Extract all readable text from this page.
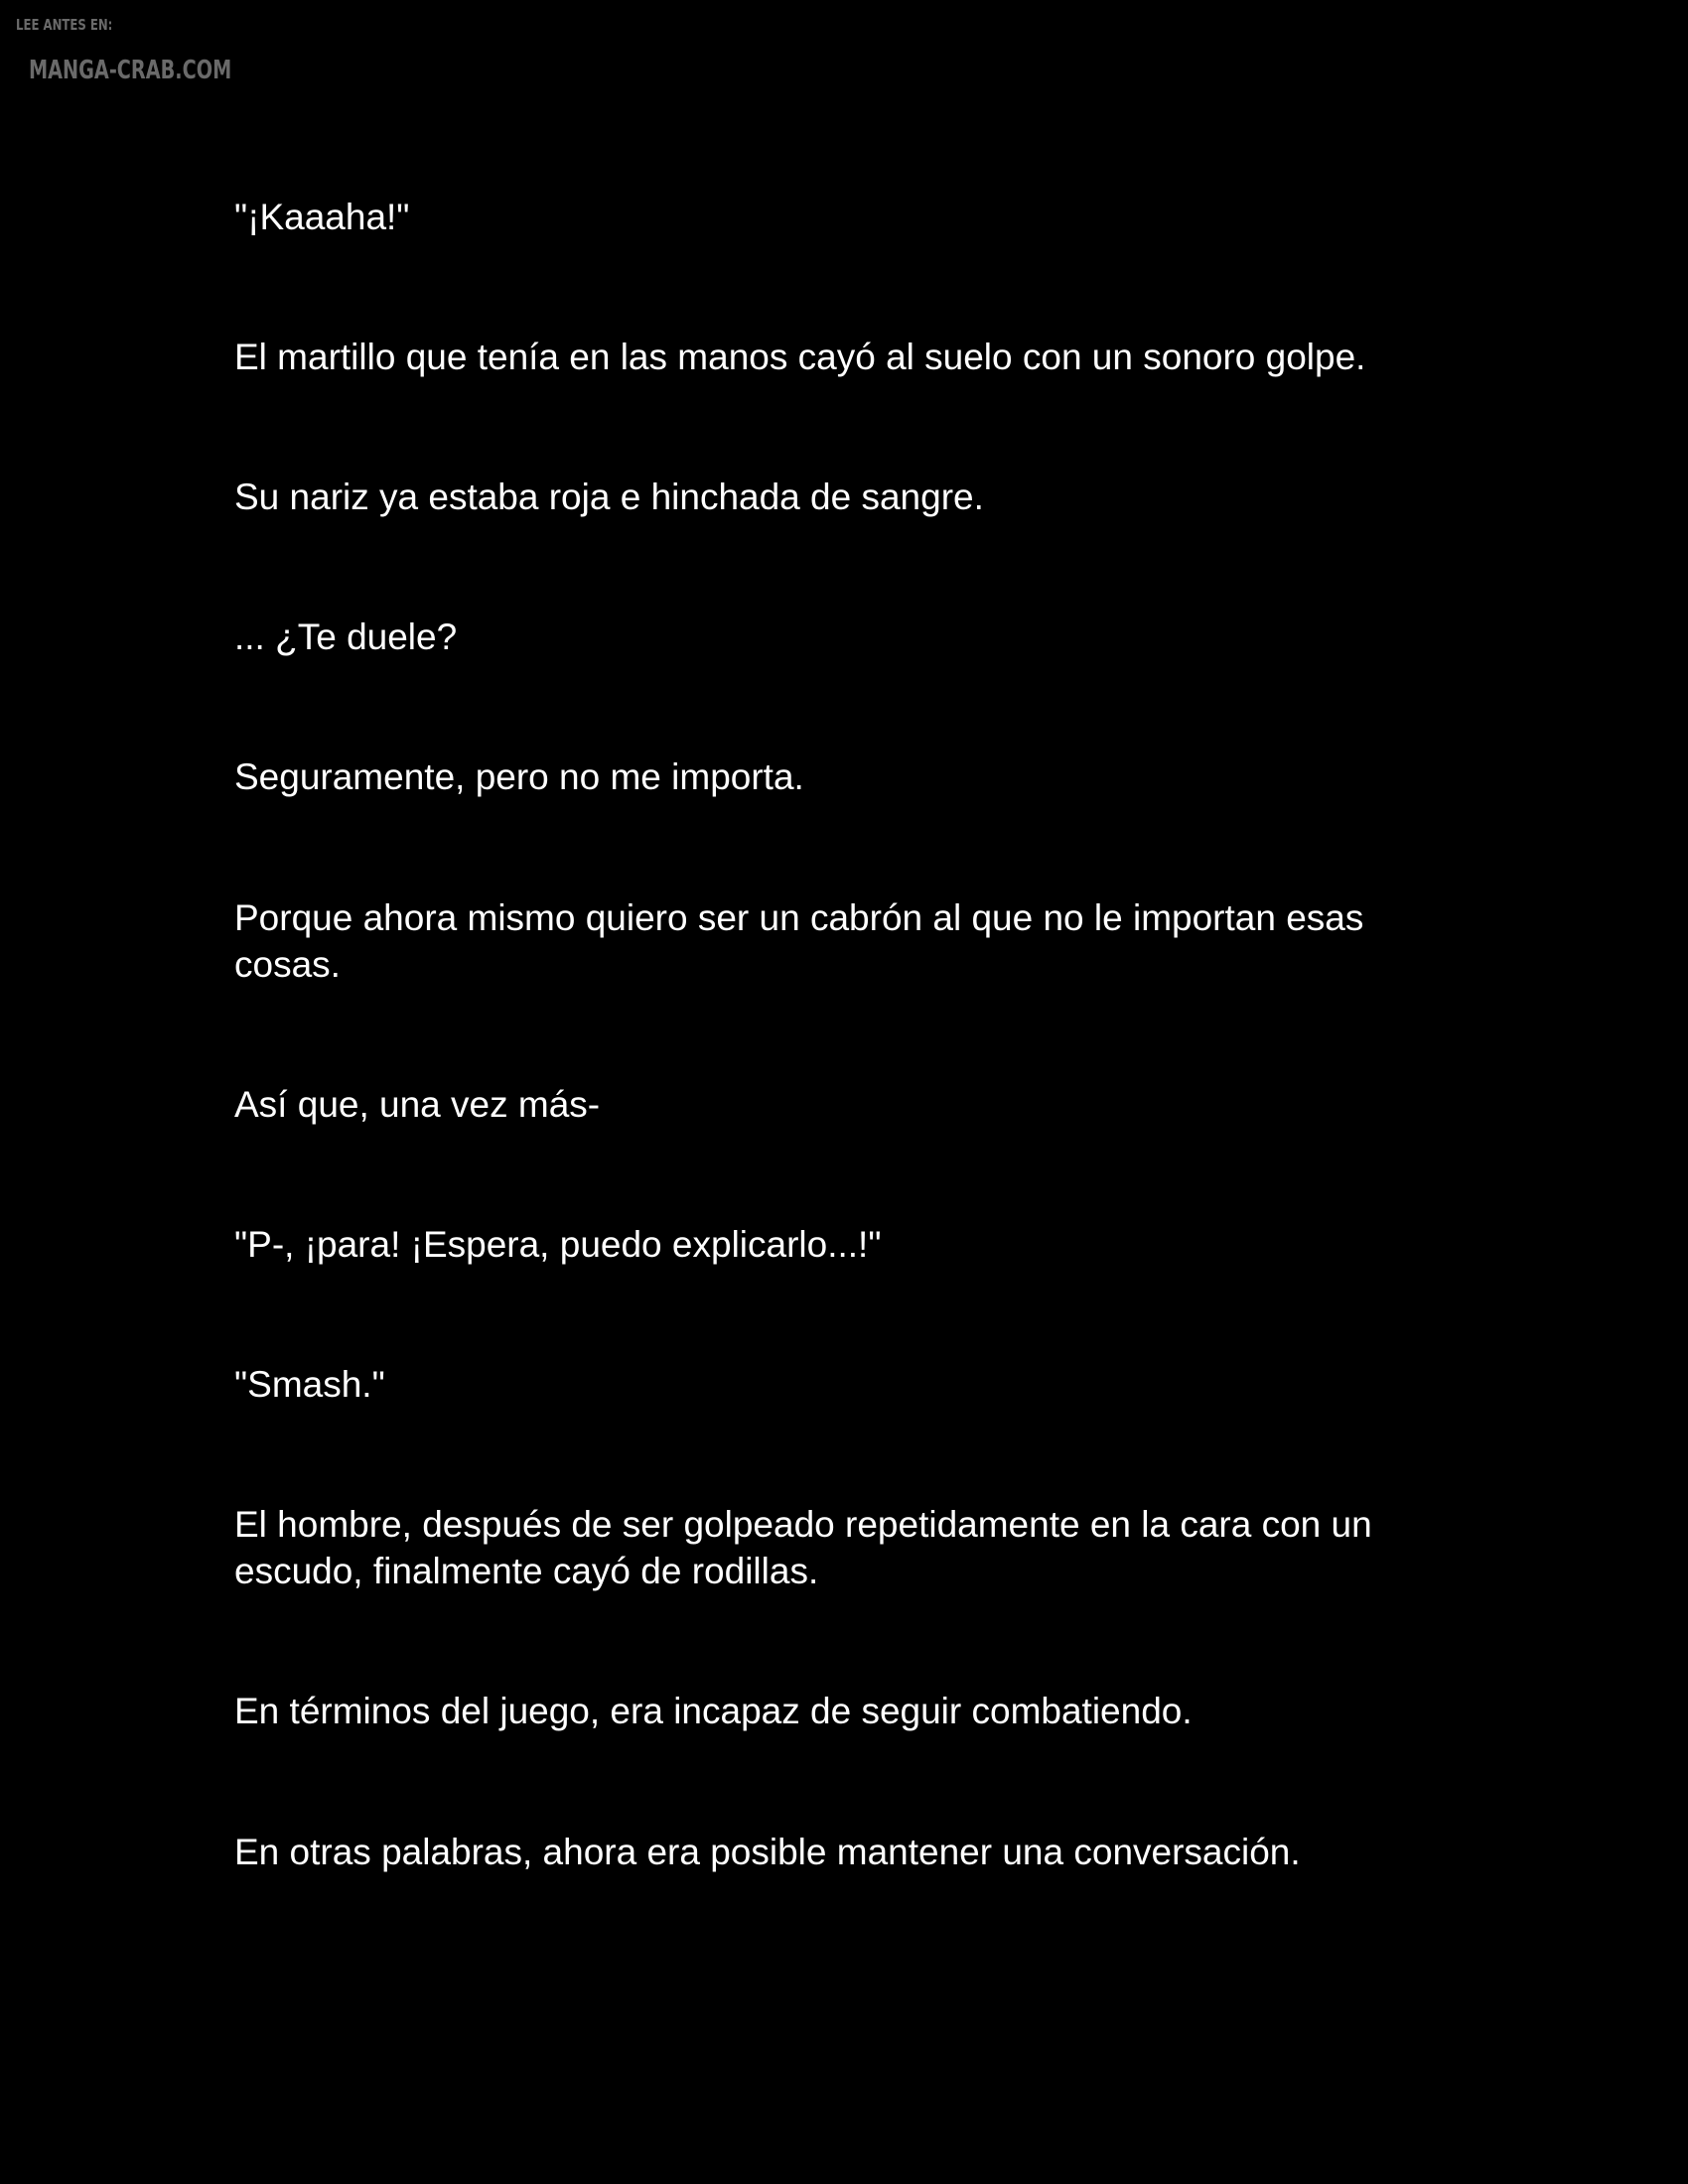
LEE ANTES EN:
MANGA-CRAB.COM

"¡Kaaaha!"

El martillo que tenía en las manos cayó al suelo con un sonoro golpe.

Su nariz ya estaba roja e hinchada de sangre.

... ¿Te duele?

Seguramente, pero no me importa.

Porque ahora mismo quiero ser un cabrón al que no le importan esas cosas.

Así que, una vez más-

"P-, ¡para! ¡Espera, puedo explicarlo...!"

"Smash."

El hombre, después de ser golpeado repetidamente en la cara con un escudo, finalmente cayó de rodillas.

En términos del juego, era incapaz de seguir combatiendo.

En otras palabras, ahora era posible mantener una conversación.
